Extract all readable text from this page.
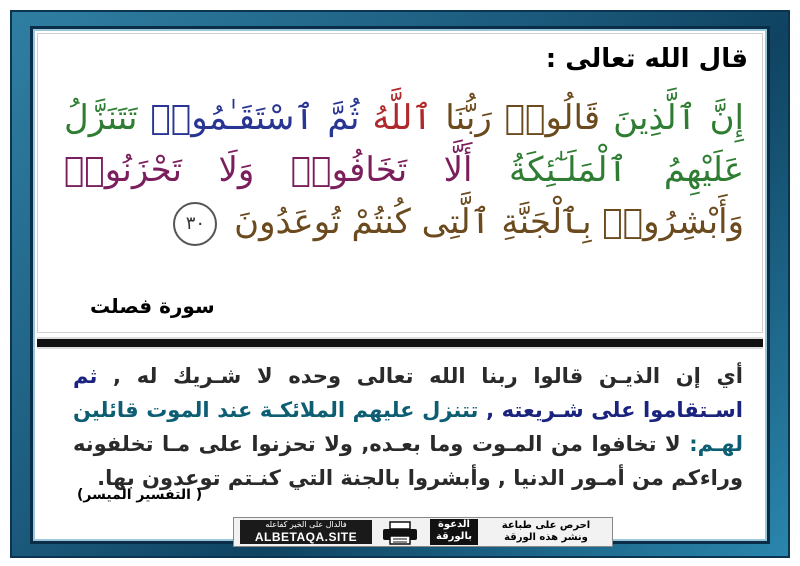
قال الله تعالى :
إِنَّ ٱلَّذِينَ قَالُوا۟ رَبُّنَا ٱللَّهُ ثُمَّ ٱسْتَقَـٰمُوا۟ تَتَنَزَّلُ عَلَيْهِمُ ٱلْمَلَـٰٓئِكَةُ أَلَّا تَخَافُوا۟ وَلَا تَحْزَنُوا۟ وَأَبْشِرُوا۟ بِٱلْجَنَّةِ ٱلَّتِى كُنتُمْ تُوعَدُونَ ٣٠
سورة فصلت
أي إن الذيـن قالوا ربنا الله تعالى وحده لا شـريك له , ثم اسـتقاموا على شـريعته , تتنزل عليهم الملائكـة عند الموت قائلين لهـم: لا تخافوا من المـوت وما بعـده, ولا تحزنوا على مـا تخلفونه وراءكم من أمـور الدنيا , وأبشروا بالجنة التي كنـتم توعدون بها.
( التفسير الميسر)
فالدال على الخير كفاعله
ALBETAQA.SITE
الدعوة بالورقة
احرص على طباعة
ونشر هذه الورقة
